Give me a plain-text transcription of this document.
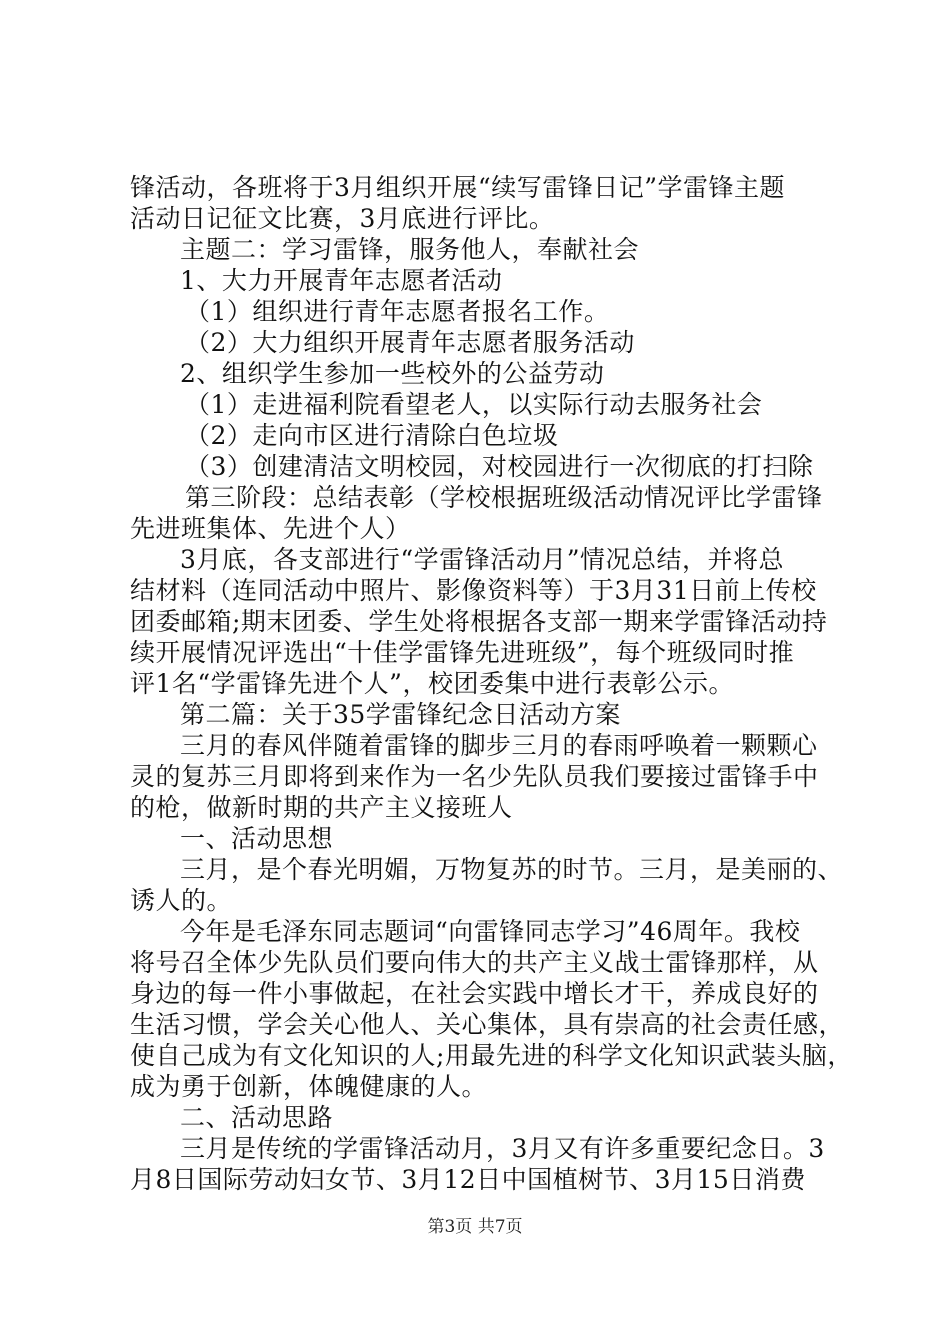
锋活动，各班将于3月组织开展“续写雷锋日记”学雷锋主题
活动日记征文比赛，3月底进行评比。
主题二：学习雷锋，服务他人，奉献社会
1、大力开展青年志愿者活动
（1）组织进行青年志愿者报名工作。
（2）大力组织开展青年志愿者服务活动
2、组织学生参加一些校外的公益劳动
（1）走进福利院看望老人，以实际行动去服务社会
（2）走向市区进行清除白色垃圾
（3）创建清洁文明校园，对校园进行一次彻底的打扫除
第三阶段：总结表彰（学校根据班级活动情况评比学雷锋
先进班集体、先进个人）
3月底，各支部进行“学雷锋活动月”情况总结，并将总
结材料（连同活动中照片、影像资料等）于3月31日前上传校
团委邮箱;期末团委、学生处将根据各支部一期来学雷锋活动持
续开展情况评选出“十佳学雷锋先进班级”，每个班级同时推
评1名“学雷锋先进个人”，校团委集中进行表彰公示。
第二篇：关于35学雷锋纪念日活动方案
三月的春风伴随着雷锋的脚步三月的春雨呼唤着一颗颗心
灵的复苏三月即将到来作为一名少先队员我们要接过雷锋手中
的枪，做新时期的共产主义接班人
一、活动思想
三月，是个春光明媚，万物复苏的时节。三月，是美丽的、
诱人的。
今年是毛泽东同志题词“向雷锋同志学习”46周年。我校
将号召全体少先队员们要向伟大的共产主义战士雷锋那样，从
身边的每一件小事做起，在社会实践中增长才干，养成良好的
生活习惯，学会关心他人、关心集体，具有崇高的社会责任感，
使自己成为有文化知识的人;用最先进的科学文化知识武装头脑，
成为勇于创新，体魄健康的人。
二、活动思路
三月是传统的学雷锋活动月，3月又有许多重要纪念日。3
月8日国际劳动妇女节、3月12日中国植树节、3月15日消费
第3页 共7页
